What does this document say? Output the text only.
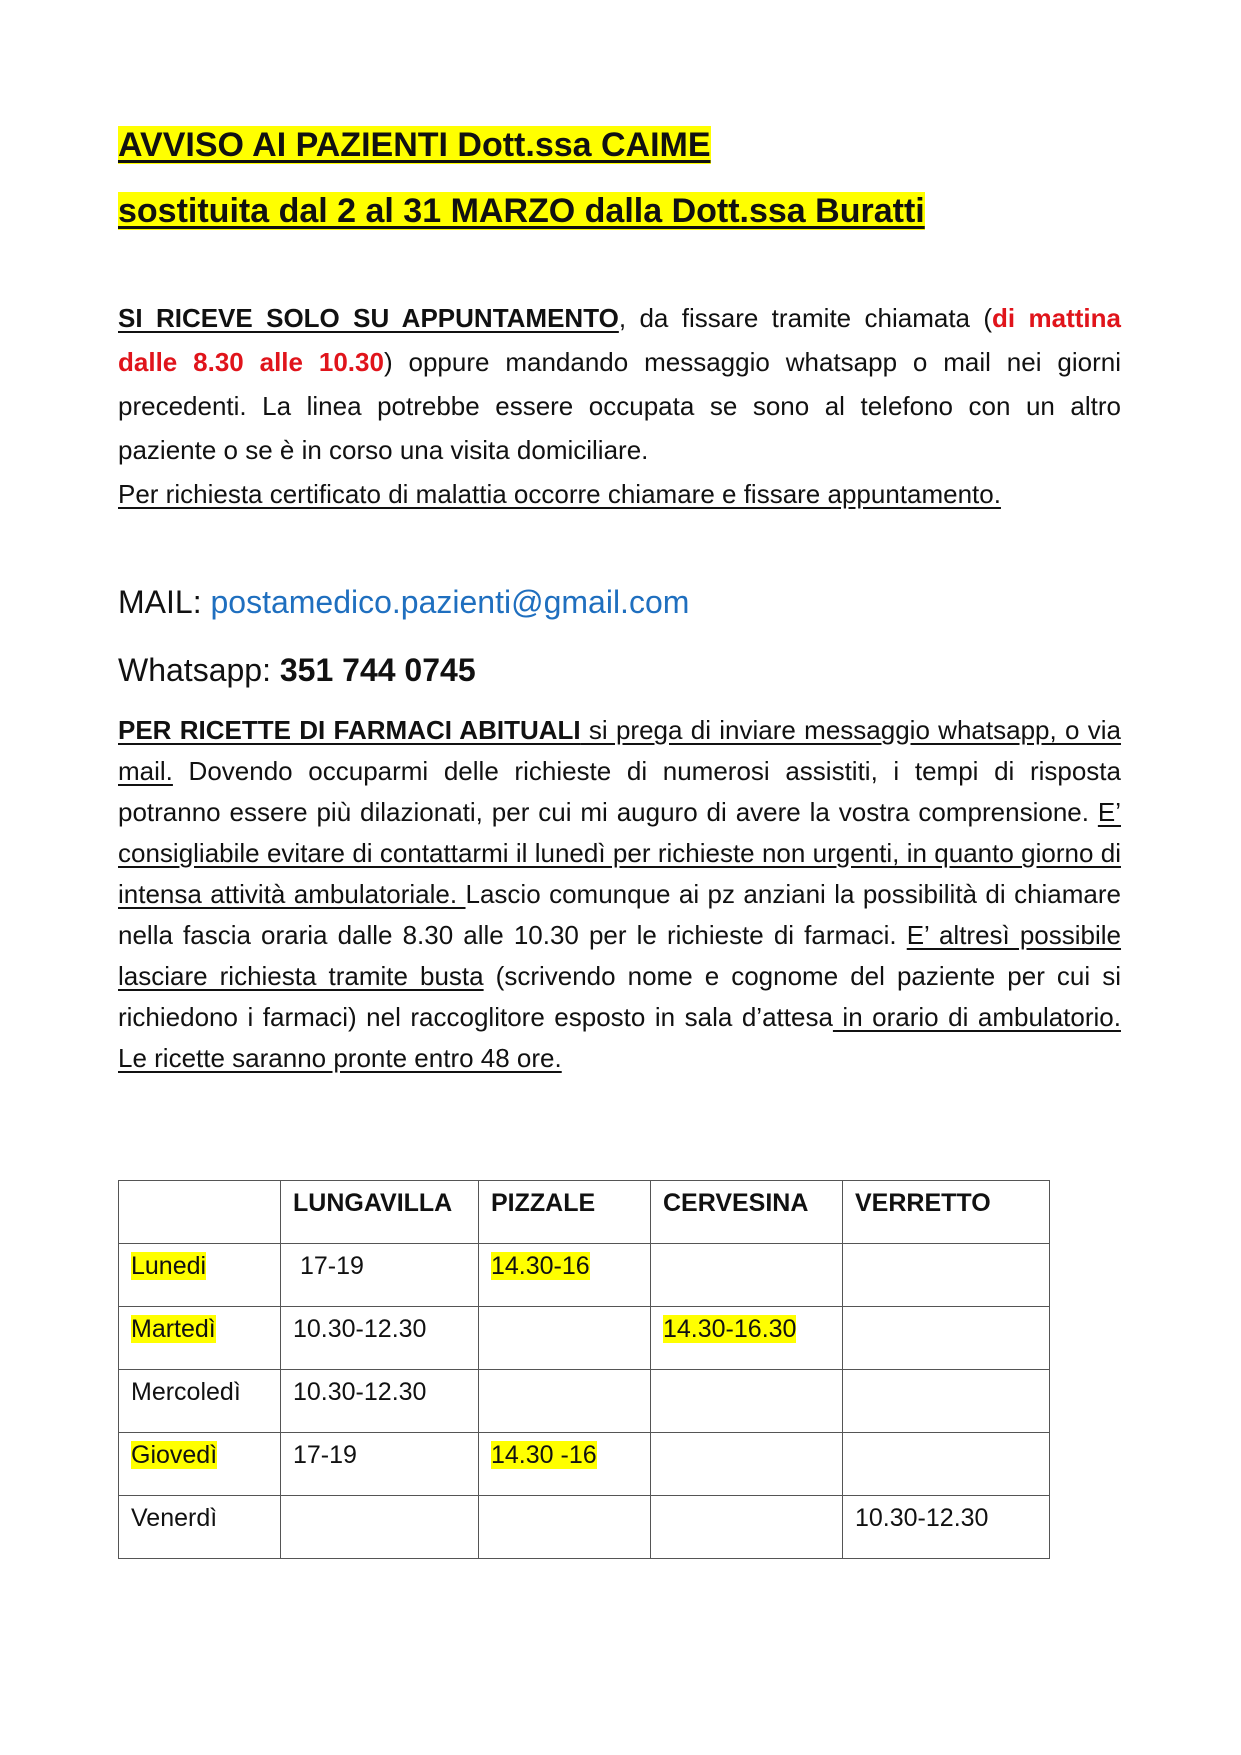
AVVISO AI PAZIENTI Dott.ssa CAIME
sostituita dal 2 al 31 MARZO dalla Dott.ssa Buratti
SI RICEVE SOLO SU APPUNTAMENTO, da fissare tramite chiamata (di mattina dalle 8.30 alle 10.30) oppure mandando messaggio whatsapp o mail nei giorni precedenti. La linea potrebbe essere occupata se sono al telefono con un altro paziente o se è in corso una visita domiciliare.
Per richiesta certificato di malattia occorre chiamare e fissare appuntamento.

MAIL: postamedico.pazienti@gmail.com

Whatsapp: 351 744 0745

PER RICETTE DI FARMACI ABITUALI si prega di inviare messaggio whatsapp, o via mail. Dovendo occuparmi delle richieste di numerosi assistiti, i tempi di risposta potranno essere più dilazionati, per cui mi auguro di avere la vostra comprensione. E’ consigliabile evitare di contattarmi il lunedì per richieste non urgenti, in quanto giorno di intensa attività ambulatoriale. Lascio comunque ai pz anziani la possibilità di chiamare nella fascia oraria dalle 8.30 alle 10.30 per le richieste di farmaci. E’ altresì possibile lasciare richiesta tramite busta (scrivendo nome e cognome del paziente per cui si richiedono i farmaci) nel raccoglitore esposto in sala d’attesa in orario di ambulatorio. Le ricette saranno pronte entro 48 ore.
	LUNGAVILLA	PIZZALE	CERVESINA	VERRETTO
Lunedi	17-19	14.30-16		
Martedì	10.30-12.30		14.30-16.30	
Mercoledì	10.30-12.30			
Giovedì	17-19	14.30 -16		
Venerdì				10.30-12.30
